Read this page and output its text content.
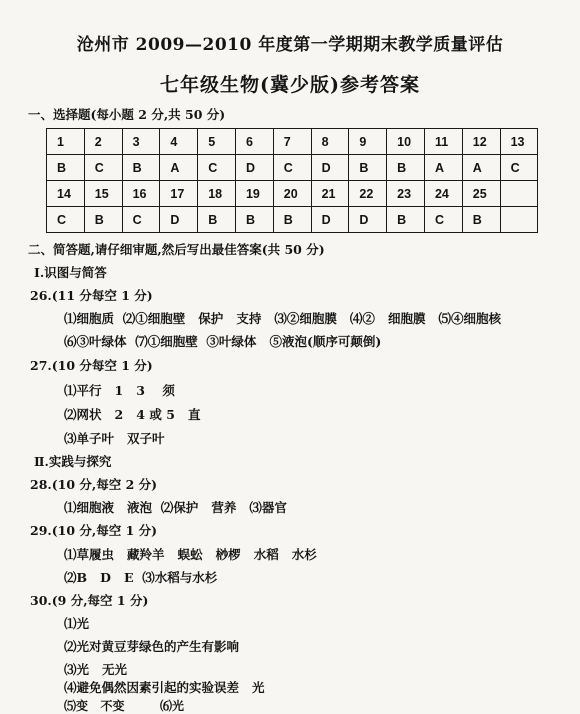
沧州市 2009—2010 年度第一学期期末教学质量评估
七年级生物(冀少版)参考答案
一、选择题(每小题 2 分,共 50 分)
1	2	3	4	5	6	7	8	9	10	11	12	13
B	C	B	A	C	D	C	D	B	B	A	A	C
14	15	16	17	18	19	20	21	22	23	24	25	
C	B	C	D	B	B	B	D	D	B	C	B	
二、简答题,请仔细审题,然后写出最佳答案(共 50 分)
Ⅰ.识图与简答
26.(11 分每空 1 分)
⑴细胞质  ⑵①细胞壁   保护   支持   ⑶②细胞膜   ⑷②   细胞膜   ⑸④细胞核
⑹③叶绿体  ⑺①细胞壁  ③叶绿体   ⑤液泡(顺序可颠倒)
27.(10 分每空 1 分)
⑴平行   1   3    须
⑵网状   2   4 或 5   直
⑶单子叶   双子叶
Ⅱ.实践与探究
28.(10 分,每空 2 分)
⑴细胞液   液泡  ⑵保护   营养   ⑶器官
29.(10 分,每空 1 分)
⑴草履虫   藏羚羊   蜈蚣   桫椤   水稻   水杉
⑵B   D   E  ⑶水稻与水杉
30.(9 分,每空 1 分)
⑴光
⑵光对黄豆芽绿色的产生有影响
⑶光   无光
⑷避免偶然因素引起的实验误差   光
⑸变   不变	⑹光
